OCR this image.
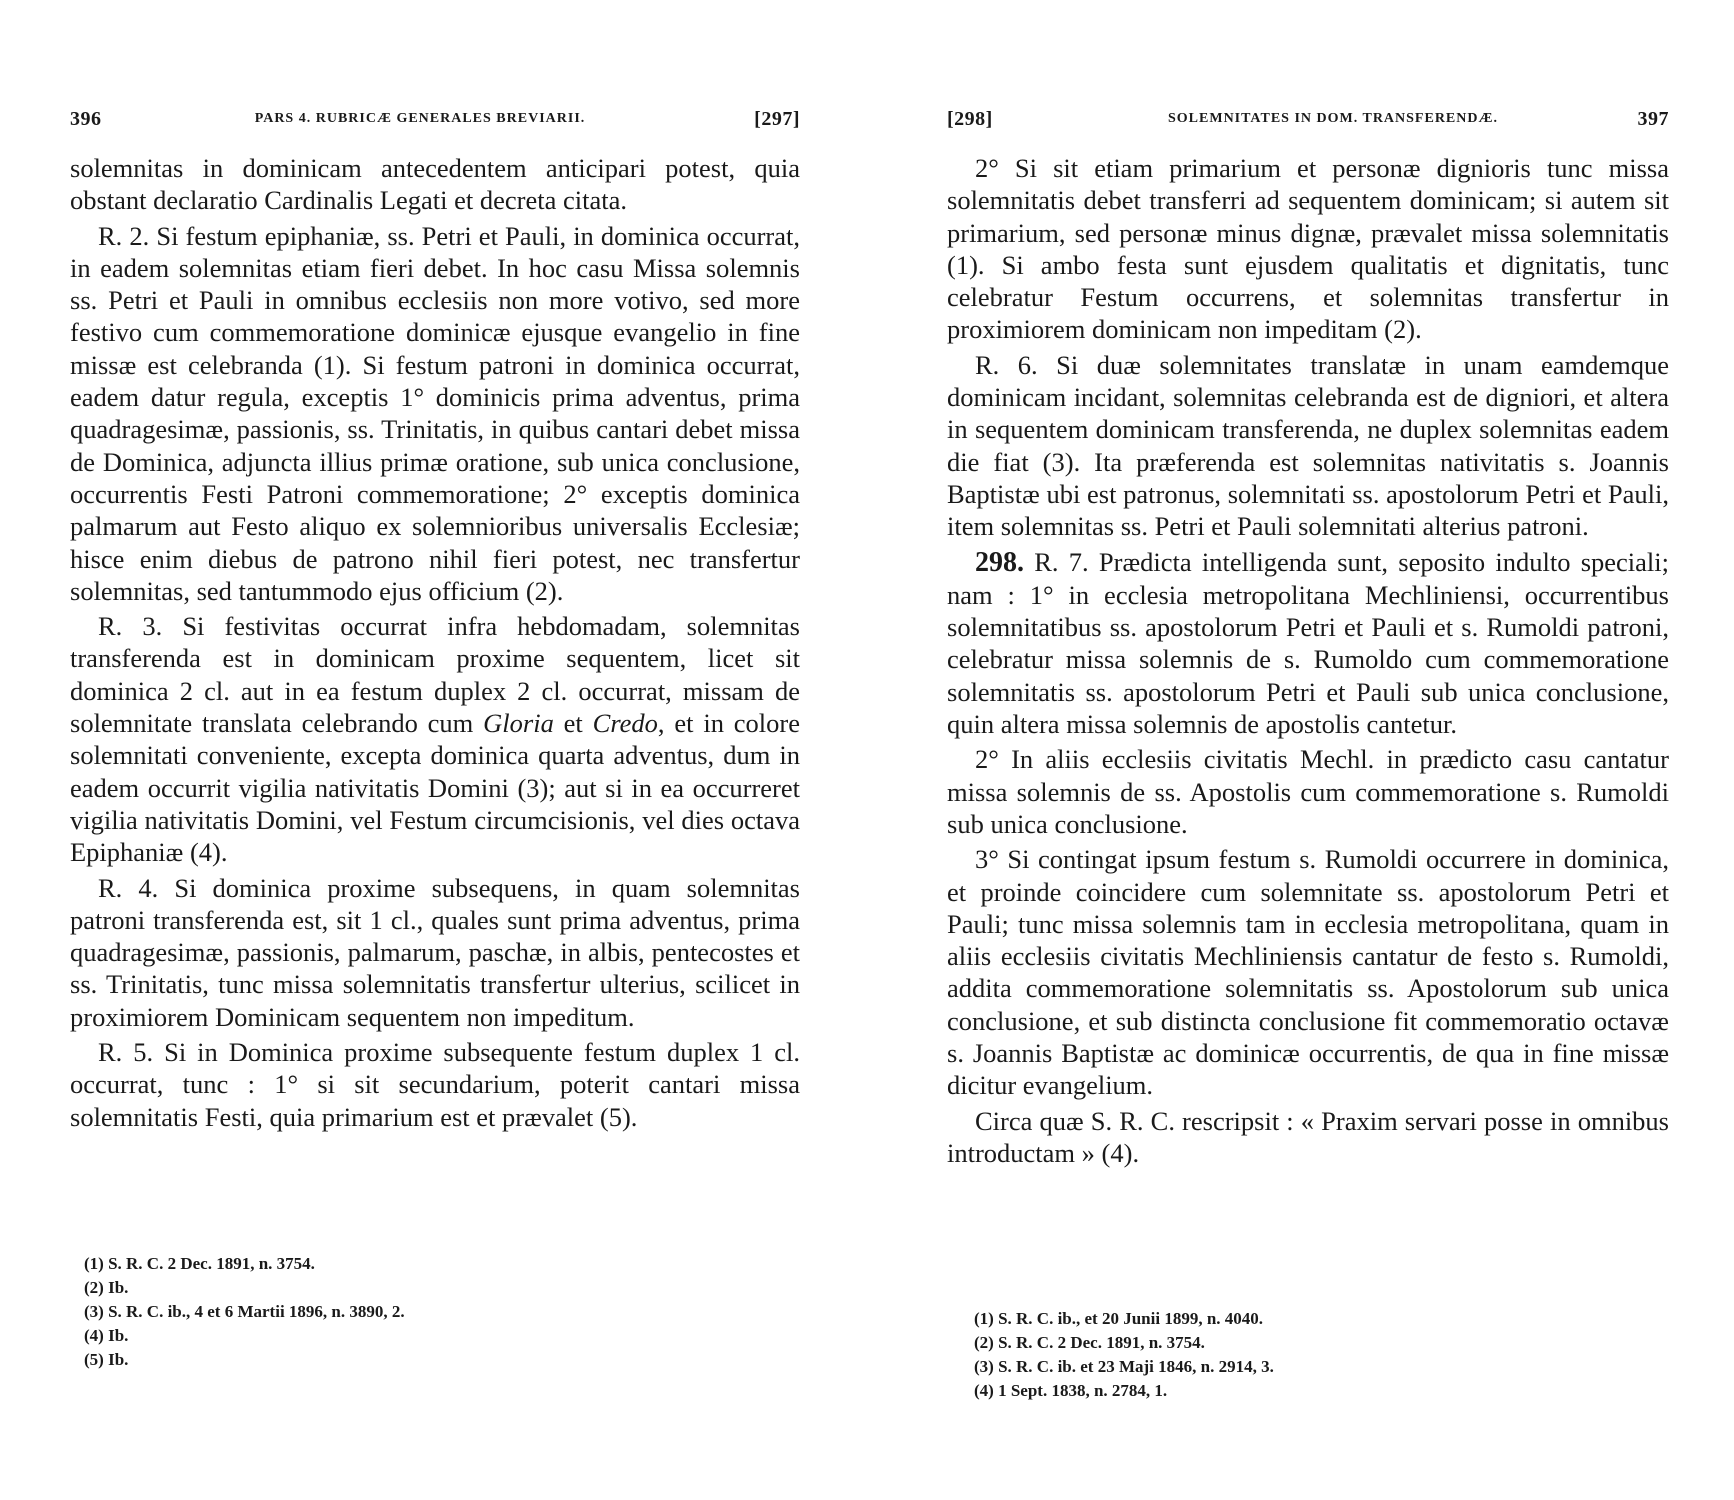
396	PARS 4. RUBRICÆ GENERALES BREVIARII.	[297]

solemnitas in dominicam antecedentem anticipari potest, quia obstant declaratio Cardinalis Legati et decreta citata.

R. 2. Si festum epiphaniæ, ss. Petri et Pauli, in dominica occurrat, in eadem solemnitas etiam fieri debet. In hoc casu Missa solemnis ss. Petri et Pauli in omnibus ecclesiis non more votivo, sed more festivo cum commemoratione dominicæ ejusque evangelio in fine missæ est celebranda (1). Si festum patroni in dominica occurrat, eadem datur regula, exceptis 1° dominicis prima adventus, prima quadragesimæ, passionis, ss. Trinitatis, in quibus cantari debet missa de Dominica, adjuncta illius primæ oratione, sub unica conclusione, occurrentis Festi Patroni commemoratione; 2° exceptis dominica palmarum aut Festo aliquo ex solemnioribus universalis Ecclesiæ; hisce enim diebus de patrono nihil fieri potest, nec transfertur solemnitas, sed tantummodo ejus officium (2).

R. 3. Si festivitas occurrat infra hebdomadam, solemnitas transferenda est in dominicam proxime sequentem, licet sit dominica 2 cl. aut in ea festum duplex 2 cl. occurrat, missam de solemnitate translata celebrando cum Gloria et Credo, et in colore solemnitati conveniente, excepta dominica quarta adventus, dum in eadem occurrit vigilia nativitatis Domini (3); aut si in ea occurreret vigilia nativitatis Domini, vel Festum circumcisionis, vel dies octava Epiphaniæ (4).

R. 4. Si dominica proxime subsequens, in quam solemnitas patroni transferenda est, sit 1 cl., quales sunt prima adventus, prima quadragesimæ, passionis, palmarum, paschæ, in albis, pentecostes et ss. Trinitatis, tunc missa solemnitatis transfertur ulterius, scilicet in proximiorem Dominicam sequentem non impeditum.

R. 5. Si in Dominica proxime subsequente festum duplex 1 cl. occurrat, tunc : 1° si sit secundarium, poterit cantari missa solemnitatis Festi, quia primarium est et prævalet (5).

(1) S. R. C. 2 Dec. 1891, n. 3754.
(2) Ib.
(3) S. R. C. ib., 4 et 6 Martii 1896, n. 3890, 2.
(4) Ib.
(5) Ib.
[298]	SOLEMNITATES IN DOM. TRANSFERENDÆ.	397

2° Si sit etiam primarium et personæ dignioris tunc missa solemnitatis debet transferri ad sequentem dominicam; si autem sit primarium, sed personæ minus dignæ, prævalet missa solemnitatis (1). Si ambo festa sunt ejusdem qualitatis et dignitatis, tunc celebratur Festum occurrens, et solemnitas transfertur in proximiorem dominicam non impeditam (2).

R. 6. Si duæ solemnitates translatæ in unam eamdemque dominicam incidant, solemnitas celebranda est de digniori, et altera in sequentem dominicam transferenda, ne duplex solemnitas eadem die fiat (3). Ita præferenda est solemnitas nativitatis s. Joannis Baptistæ ubi est patronus, solemnitati ss. apostolorum Petri et Pauli, item solemnitas ss. Petri et Pauli solemnitati alterius patroni.

298. R. 7. Prædicta intelligenda sunt, seposito indulto speciali; nam : 1° in ecclesia metropolitana Mechliniensi, occurrentibus solemnitatibus ss. apostolorum Petri et Pauli et s. Rumoldi patroni, celebratur missa solemnis de s. Rumoldo cum commemoratione solemnitatis ss. apostolorum Petri et Pauli sub unica conclusione, quin altera missa solemnis de apostolis cantetur.

2° In aliis ecclesiis civitatis Mechl. in prædicto casu cantatur missa solemnis de ss. Apostolis cum commemoratione s. Rumoldi sub unica conclusione.

3° Si contingat ipsum festum s. Rumoldi occurrere in dominica, et proinde coincidere cum solemnitate ss. apostolorum Petri et Pauli; tunc missa solemnis tam in ecclesia metropolitana, quam in aliis ecclesiis civitatis Mechliniensis cantatur de festo s. Rumoldi, addita commemoratione solemnitatis ss. Apostolorum sub unica conclusione, et sub distincta conclusione fit commemoratio octavæ s. Joannis Baptistæ ac dominicæ occurrentis, de qua in fine missæ dicitur evangelium.

Circa quæ S. R. C. rescripsit : « Praxim servari posse in omnibus introductam » (4).

(1) S. R. C. ib., et 20 Junii 1899, n. 4040.
(2) S. R. C. 2 Dec. 1891, n. 3754.
(3) S. R. C. ib. et 23 Maji 1846, n. 2914, 3.
(4) 1 Sept. 1838, n. 2784, 1.
